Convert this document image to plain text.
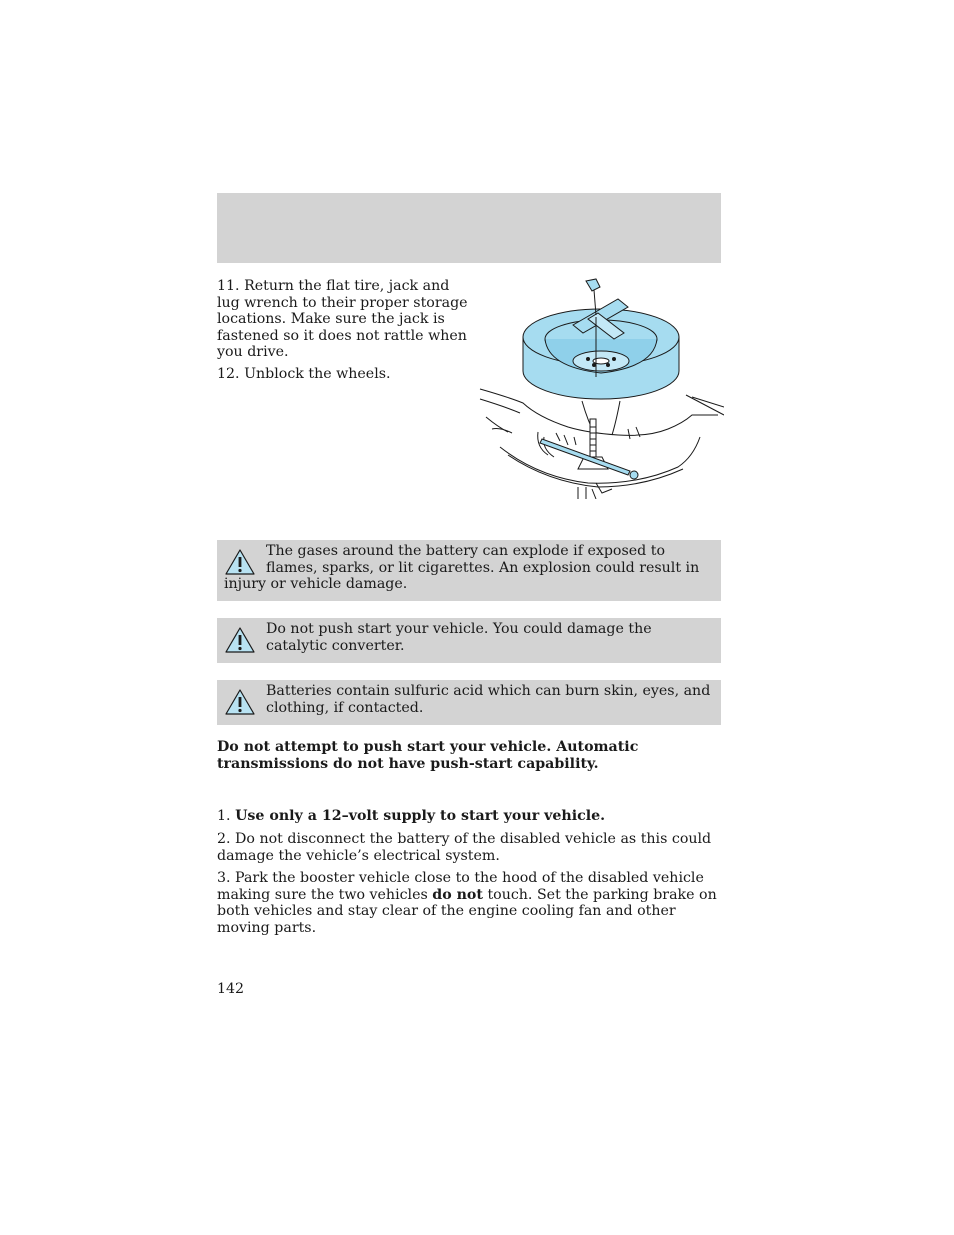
11. Return the flat tire, jack and lug wrench to their proper storage locations. Make sure the jack is fastened so it does not rattle when you drive.

12. Unblock the wheels.

The gases around the battery can explode if exposed to flames, sparks, or lit cigarettes. An explosion could result in injury or vehicle damage.

Do not push start your vehicle. You could damage the catalytic converter.

Batteries contain sulfuric acid which can burn skin, eyes, and clothing, if contacted.

Do not attempt to push start your vehicle. Automatic transmissions do not have push-start capability.

1. Use only a 12–volt supply to start your vehicle.

2. Do not disconnect the battery of the disabled vehicle as this could damage the vehicle’s electrical system.

3. Park the booster vehicle close to the hood of the disabled vehicle making sure the two vehicles do not touch. Set the parking brake on both vehicles and stay clear of the engine cooling fan and other moving parts.

142
